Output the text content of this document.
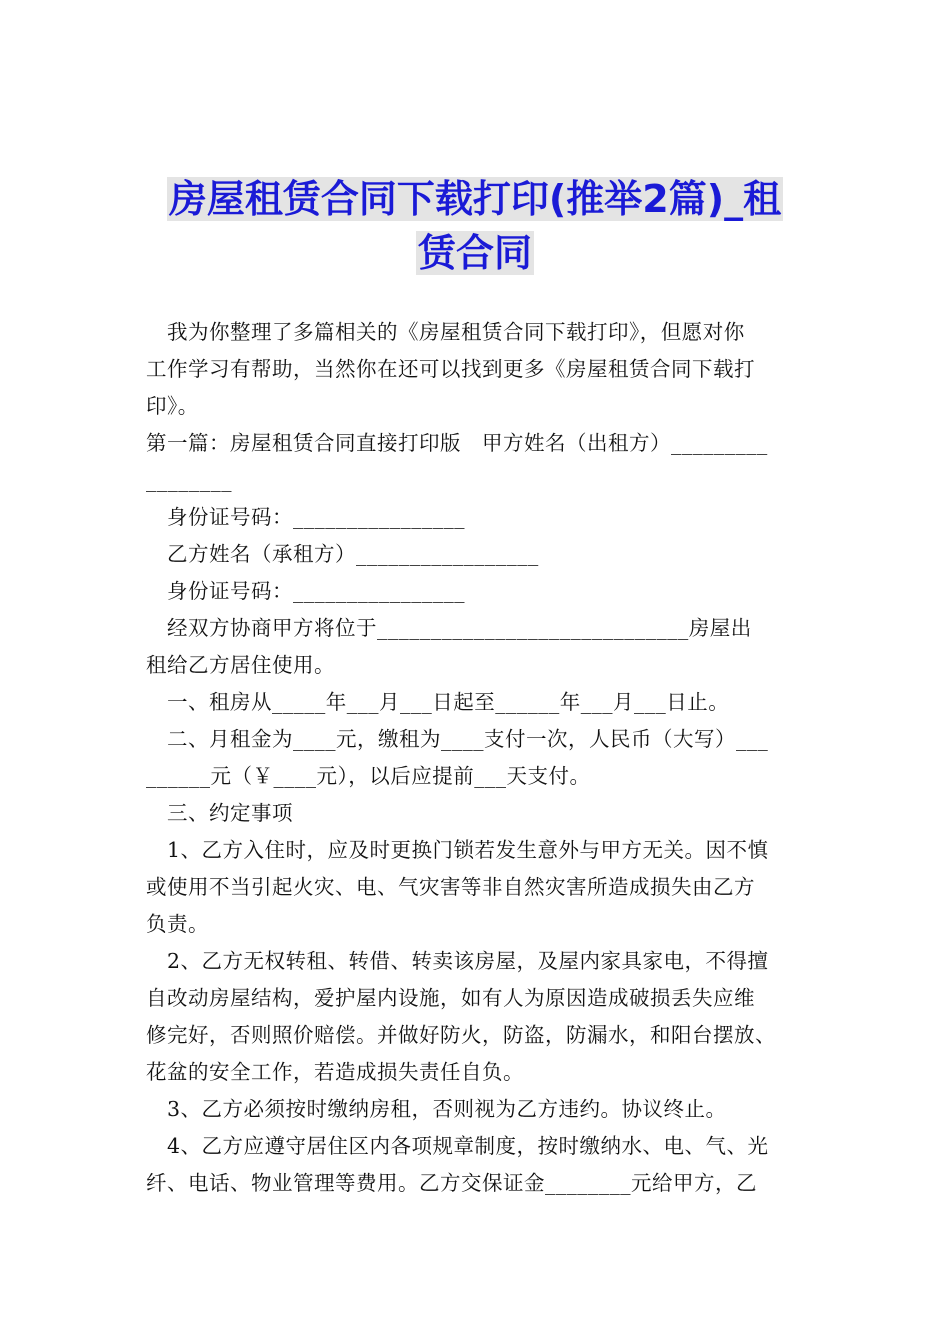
房屋租赁合同下载打印(推举2篇)_租
赁合同

　我为你整理了多篇相关的《房屋租赁合同下载打印》，但愿对你

工作学习有帮助，当然你在还可以找到更多《房屋租赁合同下载打

印》。

第一篇：房屋租赁合同直接打印版　甲方姓名（出租方）_________

________

　身份证号码：________________

　乙方姓名（承租方）_________________

　身份证号码：________________

　经双方协商甲方将位于_____________________________房屋出

租给乙方居住使用。

　一、租房从_____年___月___日起至______年___月___日止。

　二、月租金为____元，缴租为____支付一次，人民币（大写）___

______元（￥____元），以后应提前___天支付。

　三、约定事项

　1、乙方入住时，应及时更换门锁若发生意外与甲方无关。因不慎

或使用不当引起火灾、电、气灾害等非自然灾害所造成损失由乙方

负责。

　2、乙方无权转租、转借、转卖该房屋，及屋内家具家电，不得擅

自改动房屋结构，爱护屋内设施，如有人为原因造成破损丢失应维

修完好，否则照价赔偿。并做好防火，防盗，防漏水，和阳台摆放、

花盆的安全工作，若造成损失责任自负。

　3、乙方必须按时缴纳房租，否则视为乙方违约。协议终止。

　4、乙方应遵守居住区内各项规章制度，按时缴纳水、电、气、光

纤、电话、物业管理等费用。乙方交保证金________元给甲方，乙
